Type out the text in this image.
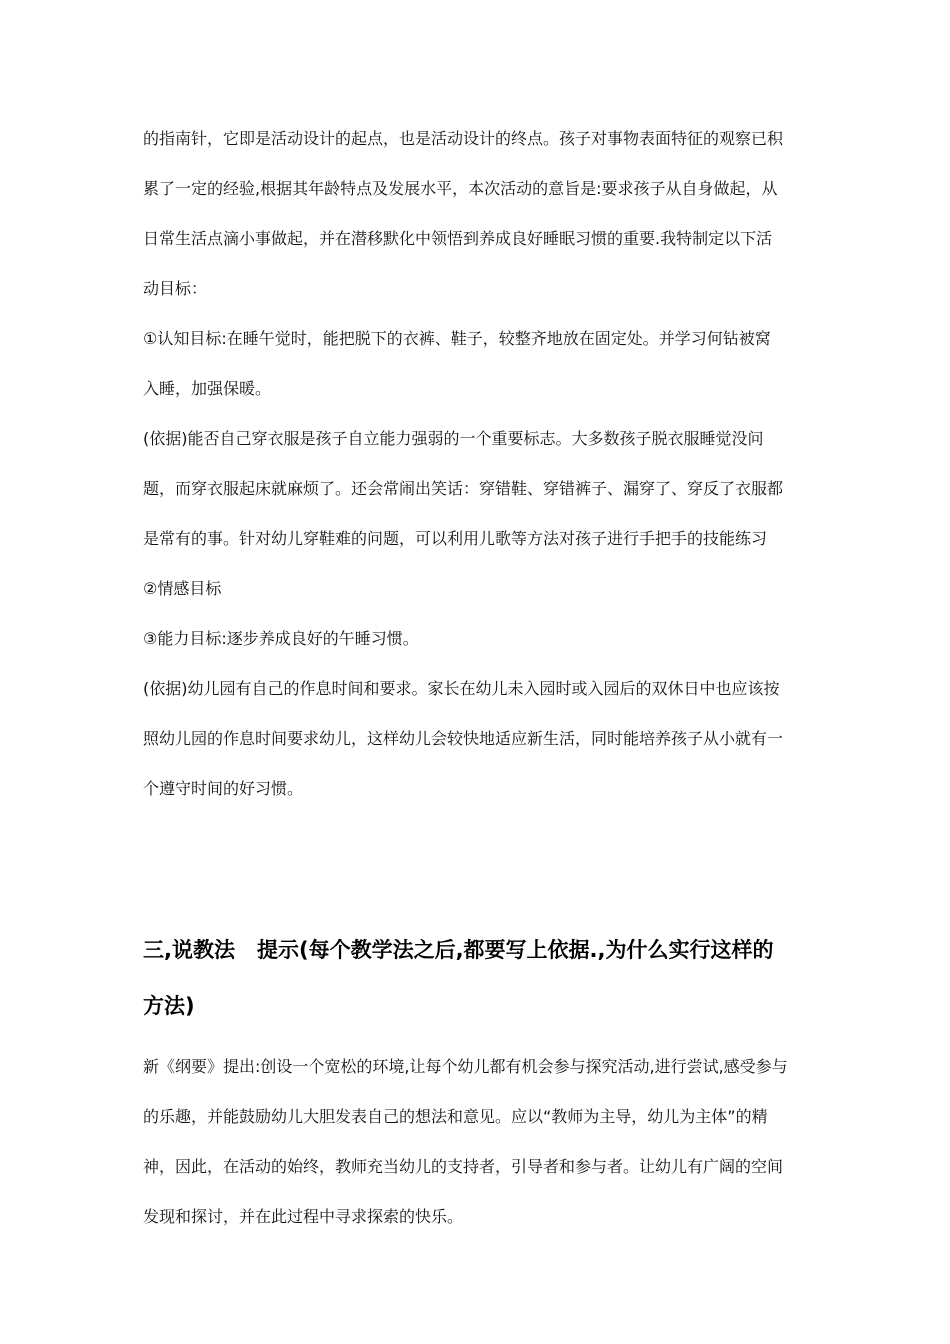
的指南针，它即是活动设计的起点，也是活动设计的终点。孩子对事物表面特征的观察已积
累了一定的经验,根据其年龄特点及发展水平，本次活动的意旨是:要求孩子从自身做起，从
日常生活点滴小事做起，并在潜移默化中领悟到养成良好睡眠习惯的重要.我特制定以下活
动目标：
①认知目标:在睡午觉时，能把脱下的衣裤、鞋子，较整齐地放在固定处。并学习何钻被窝
入睡，加强保暖。
(依据)能否自己穿衣服是孩子自立能力强弱的一个重要标志。大多数孩子脱衣服睡觉没问
题，而穿衣服起床就麻烦了。还会常闹出笑话：穿错鞋、穿错裤子、漏穿了、穿反了衣服都
是常有的事。针对幼儿穿鞋难的问题，可以利用儿歌等方法对孩子进行手把手的技能练习
②情感目标
③能力目标:逐步养成良好的午睡习惯。
(依据)幼儿园有自己的作息时间和要求。家长在幼儿未入园时或入园后的双休日中也应该按
照幼儿园的作息时间要求幼儿，这样幼儿会较快地适应新生活，同时能培养孩子从小就有一
个遵守时间的好习惯。
三,说教法 提示(每个教学法之后,都要写上依据.,为什么实行这样的
方法)
新《纲要》提出:创设一个宽松的环境,让每个幼儿都有机会参与探究活动,进行尝试,感受参与
的乐趣，并能鼓励幼儿大胆发表自己的想法和意见。应以“教师为主导，幼儿为主体”的精
神，因此，在活动的始终，教师充当幼儿的支持者，引导者和参与者。让幼儿有广阔的空间
发现和探讨，并在此过程中寻求探索的快乐。
